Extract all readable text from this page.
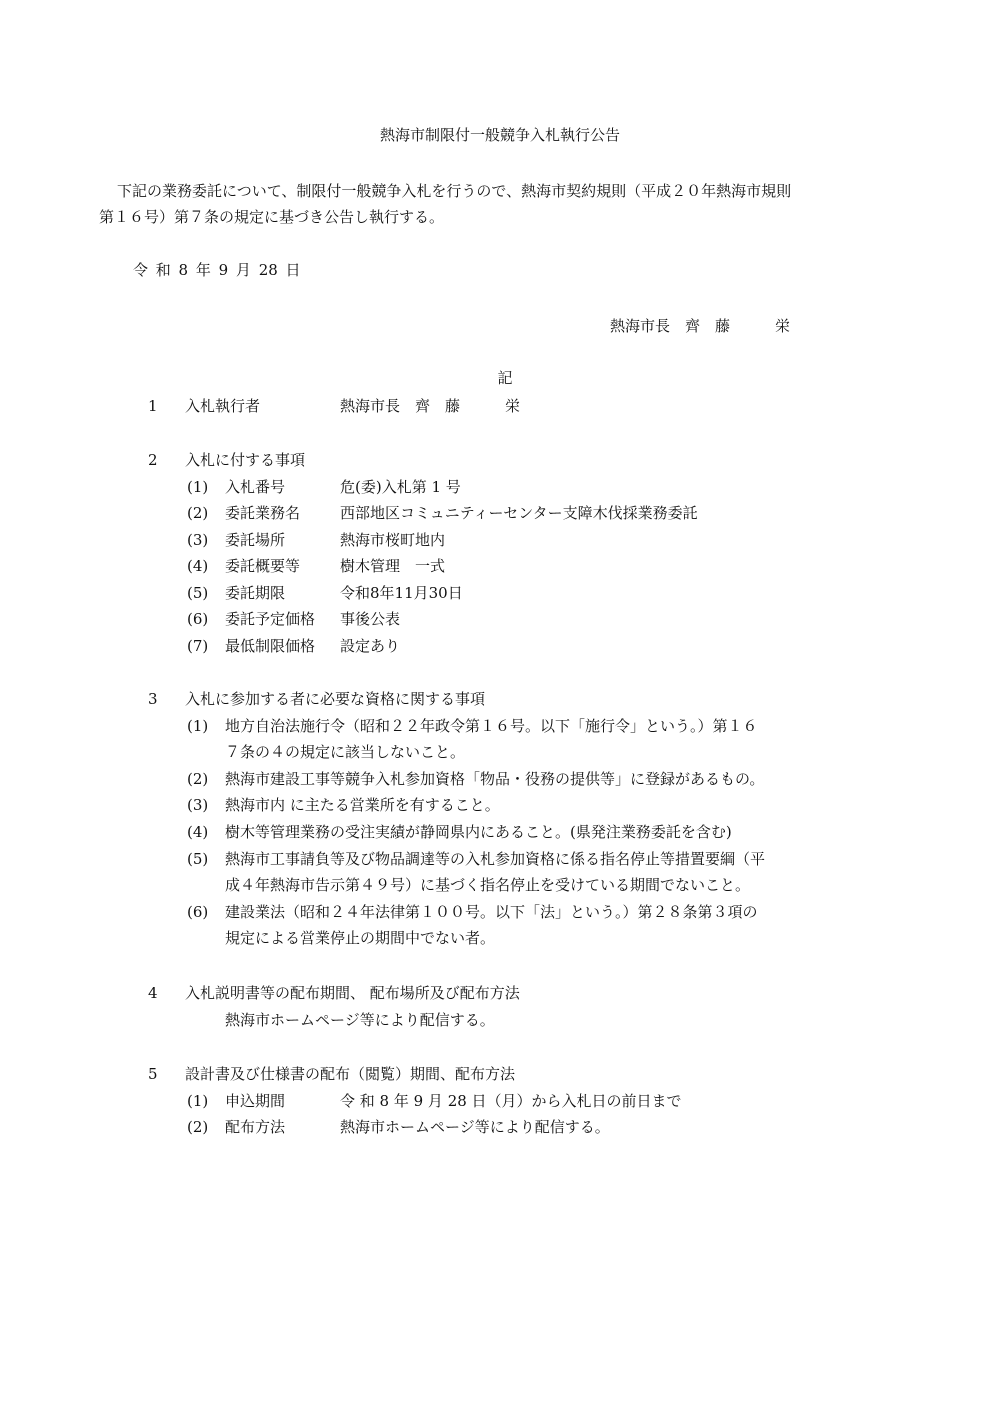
熱海市制限付一般競争入札執行公告
下記の業務委託について、制限付一般競争入札を行うので、熱海市契約規則（平成２０年熱海市規則
第１６号）第７条の規定に基づき公告し執行する。
令 和 8 年 9 月 28 日
熱海市長　齊　藤　　　栄
記
1 入札執行者	熱海市長　齊　藤　　　栄
2 入札に付する事項
(1) 入札番号	危(委)入札第 1 号
(2) 委託業務名	西部地区コミュニティーセンター支障木伐採業務委託
(3) 委託場所	熱海市桜町地内
(4) 委託概要等	樹木管理　一式
(5) 委託期限	令和8年11月30日
(6) 委託予定価格 事後公表
(7) 最低制限価格 設定あり
3 入札に参加する者に必要な資格に関する事項
(1) 地方自治法施行令（昭和２２年政令第１６号。以下「施行令」という。）第１６
７条の４の規定に該当しないこと。
(2) 熱海市建設工事等競争入札参加資格「物品・役務の提供等」に登録があるもの。
(3) 熱海市内 に主たる営業所を有すること。
(4) 樹木等管理業務の受注実績が静岡県内にあること。(県発注業務委託を含む)
(5) 熱海市工事請負等及び物品調達等の入札参加資格に係る指名停止等措置要綱（平
成４年熱海市告示第４９号）に基づく指名停止を受けている期間でないこと。
(6) 建設業法（昭和２４年法律第１００号。以下「法」という。）第２８条第３項の
規定による営業停止の期間中でない者。
4 入札説明書等の配布期間、 配布場所及び配布方法
熱海市ホームページ等により配信する。
5 設計書及び仕様書の配布（閲覧）期間、配布方法
(1) 申込期間	令 和 8 年 9 月 28 日（月）から入札日の前日まで
(2) 配布方法	熱海市ホームページ等により配信する。
